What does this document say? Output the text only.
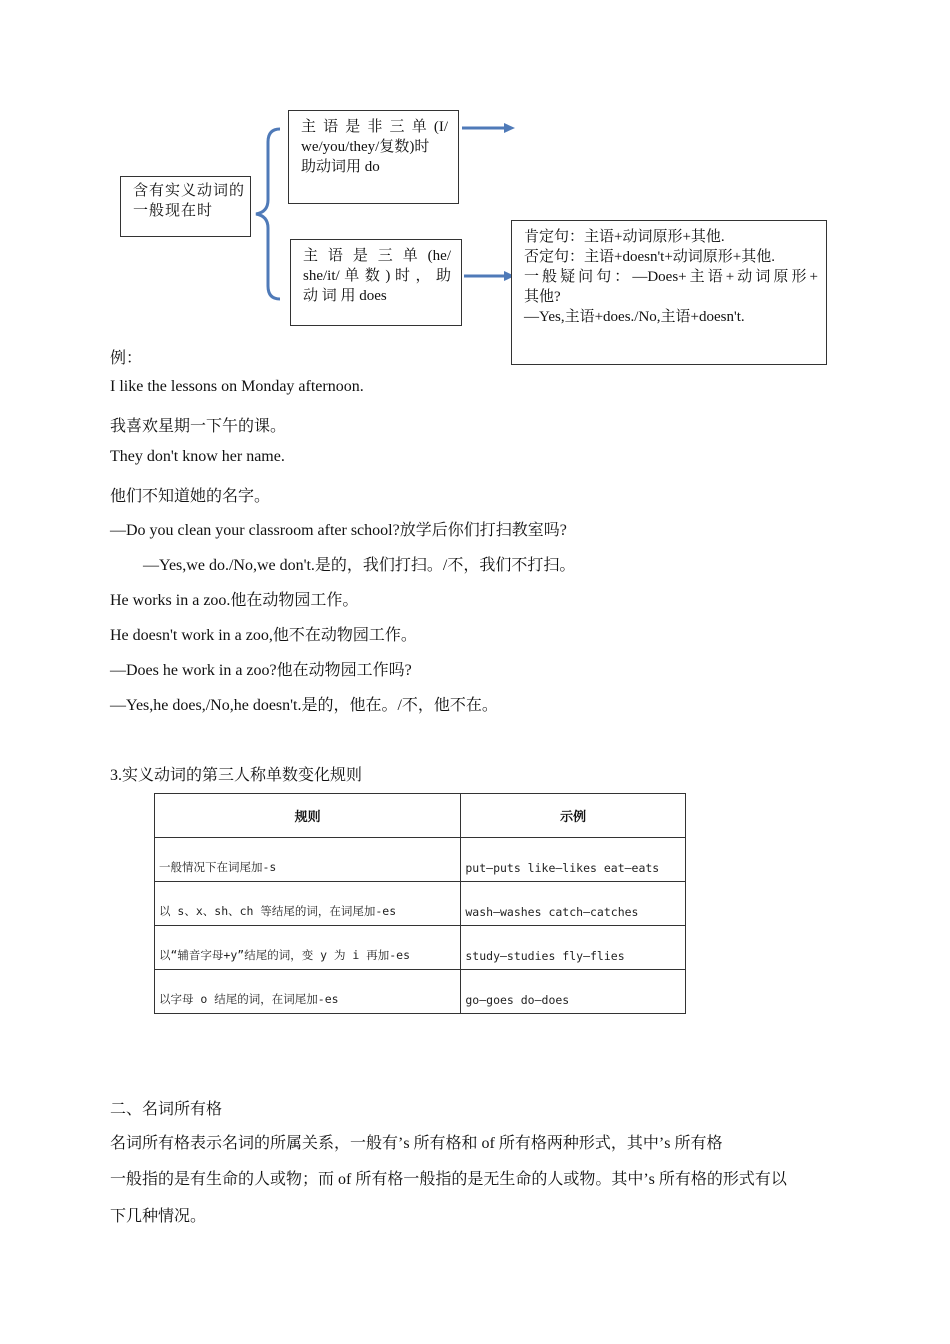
含有实义动词的一般现在时
主 语 是 非 三 单 (I/
we/you/they/复数)时
助动词用 do
主 语 是 三 单 (he/
she/it/ 单 数 ) 时 ， 助
动 词 用 does
肯定句：主语+动词原形+其他.
否定句：主语+doesn't+动词原形+其他.
一般疑问句：—Does+主语+动词原形+
其他?
—Yes,主语+does./No,主语+doesn't.
例：
I like the lessons on Monday afternoon.
我喜欢星期一下午的课。
They don't know her name.
他们不知道她的名字。
—Do you clean your classroom after school?放学后你们打扫教室吗?
—Yes,we do./No,we don't.是的，我们打扫。/不，我们不打扫。
He works in a zoo.他在动物园工作。
He doesn't work in a zoo,他不在动物园工作。
—Does he work in a zoo?他在动物园工作吗?
—Yes,he does,/No,he doesn't.是的，他在。/不，他不在。
3.实义动词的第三人称单数变化规则
规则	示例
一般情况下在词尾加-s	put—puts like—likes eat—eats
以 s、x、sh、ch 等结尾的词，在词尾加-es	wash—washes catch—catches
以“辅音字母+y”结尾的词，变 y 为 i 再加-es	study—studies fly—flies
以字母 o 结尾的词，在词尾加-es	go—goes do—does
二、名词所有格
名词所有格表示名词的所属关系，一般有’s 所有格和 of 所有格两种形式，其中’s 所有格
一般指的是有生命的人或物；而 of 所有格一般指的是无生命的人或物。其中’s 所有格的形式有以
下几种情况。
